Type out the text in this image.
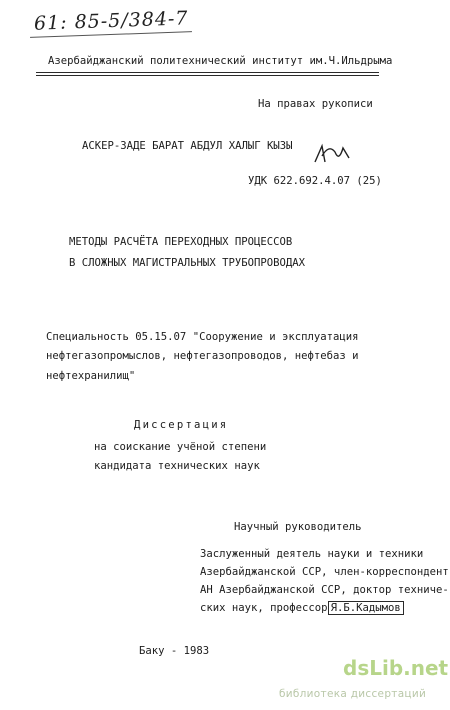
61: 85-5/384-7
Азербайджанский политехнический институт им.Ч.Ильдрыма
На правах рукописи
АСКЕР-ЗАДЕ БАРАТ АБДУЛ ХАЛЫГ КЫЗЫ
УДК 622.692.4.07 (25)
МЕТОДЫ РАСЧЁТА ПЕРЕХОДНЫХ ПРОЦЕССОВ
В СЛОЖНЫХ МАГИСТРАЛЬНЫХ ТРУБОПРОВОДАХ
Специальность 05.15.07 "Сооружение и эксплуатация
нефтегазопромыслов, нефтегазопроводов, нефтебаз и
нефтехранилищ"
Диссертация
на соискание учёной степени
кандидата технических наук
Научный руководитель
Заслуженный деятель науки и техники
Азербайджанской ССР, член-корреспондент
АН Азербайджанской ССР, доктор техниче-
ских наук, профессор Я.Б.Кадымов
Баку - 1983
dsLib.net
библиотека диссертаций
